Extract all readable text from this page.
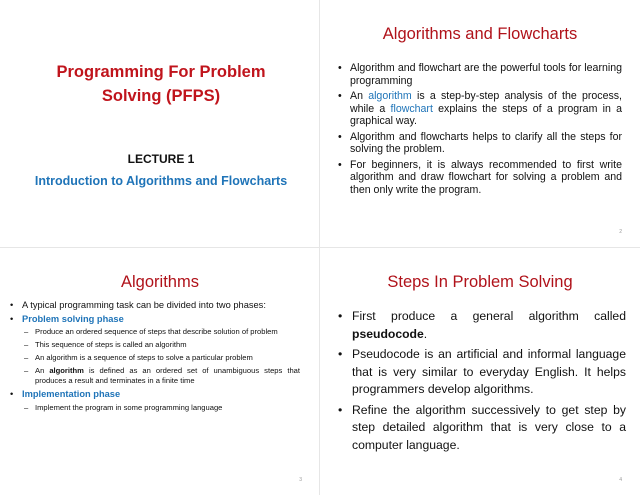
Programming For Problem Solving (PFPS)
LECTURE 1
Introduction to Algorithms and Flowcharts
Algorithms and Flowcharts
• Algorithm and flowchart are the powerful tools for learning programming
• An algorithm is a step-by-step analysis of the process, while a flowchart explains the steps of a program in a graphical way.
• Algorithm and flowcharts helps to clarify all the steps for solving the problem.
• For beginners, it is always recommended to first write algorithm and draw flowchart for solving a problem and then only write the program.
2
Algorithms
• A typical programming task can be divided into two phases:
• Problem solving phase
– Produce an ordered sequence of steps that describe solution of problem
– This sequence of steps is called an algorithm
– An algorithm is a sequence of steps to solve a particular problem
– An algorithm is defined as an ordered set of unambiguous steps that produces a result and terminates in a finite time
• Implementation phase
– Implement the program in some programming language
3
Steps In Problem Solving
• First produce a general algorithm called pseudocode.
• Pseudocode is an artificial and informal language that is very similar to everyday English. It helps programmers develop algorithms.
• Refine the algorithm successively to get step by step detailed algorithm that is very close to a computer language.
4
